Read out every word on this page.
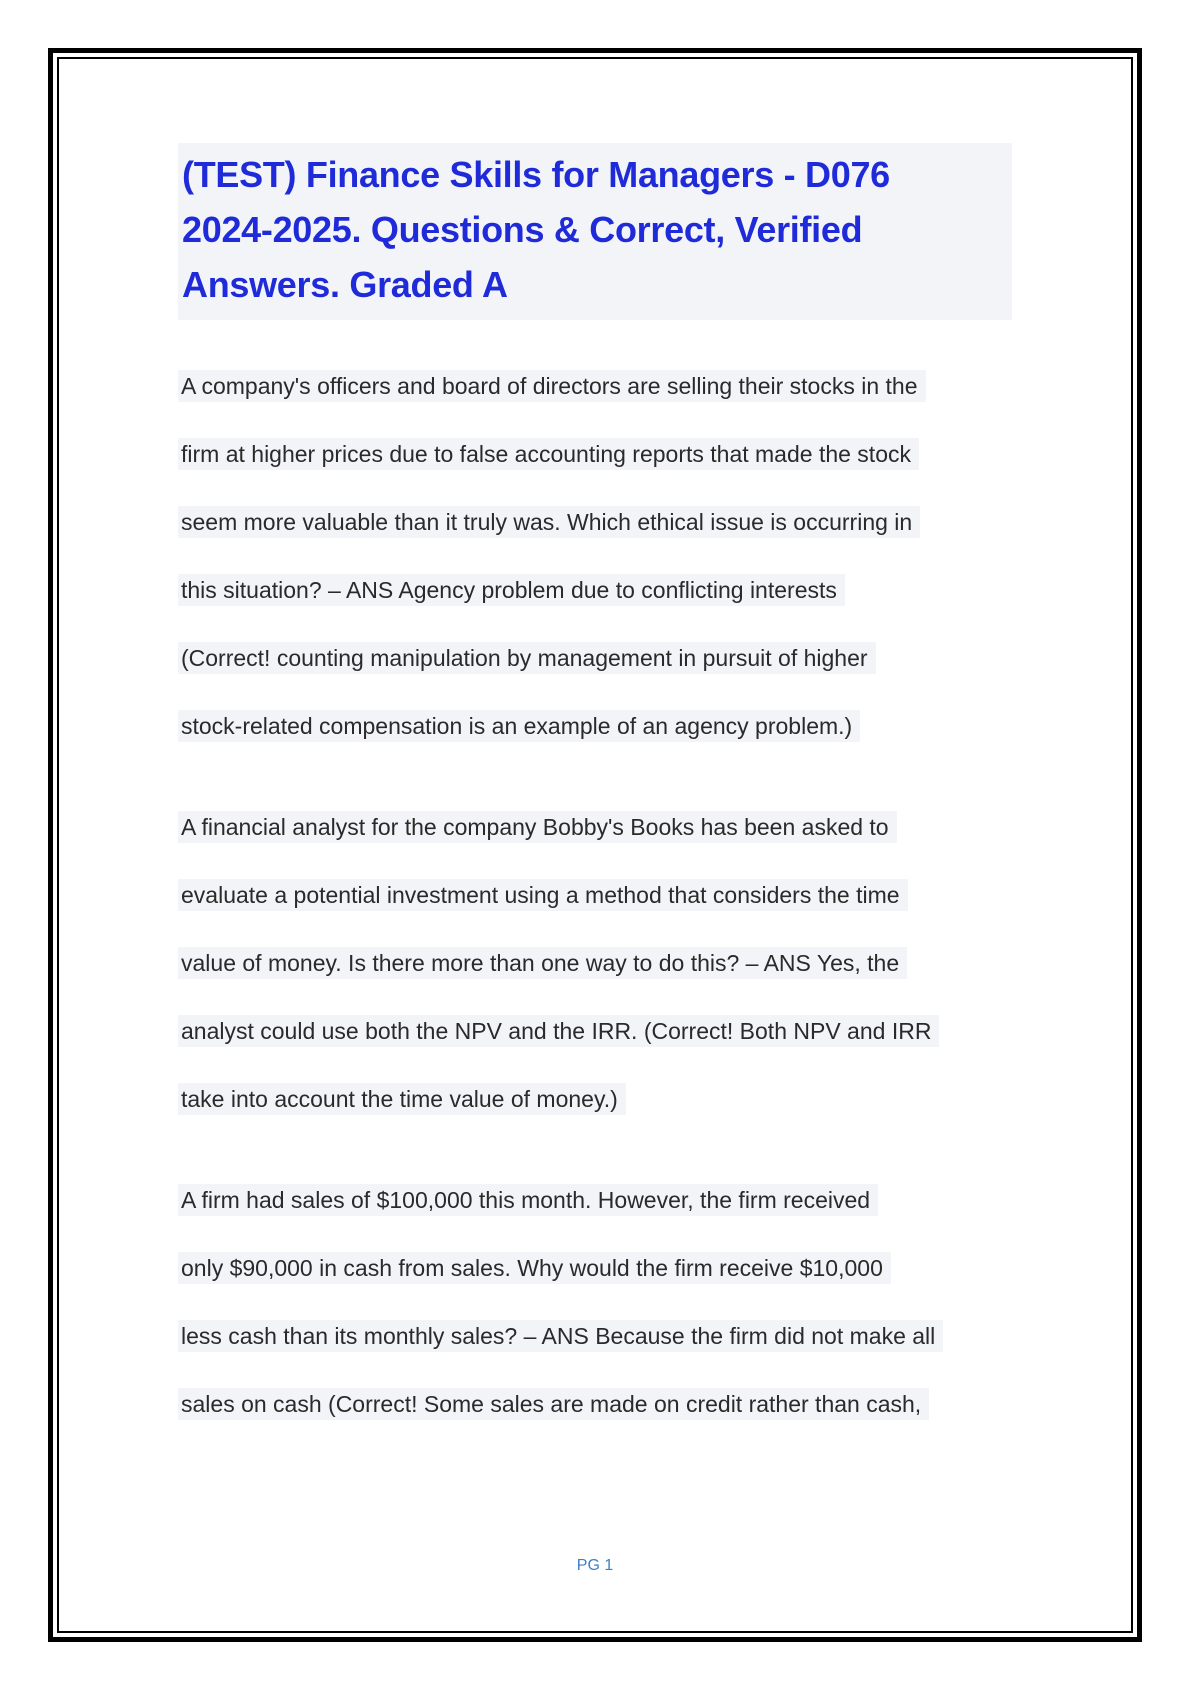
(TEST) Finance Skills for Managers - D076
2024-2025. Questions & Correct, Verified
Answers. Graded A
A company's officers and board of directors are selling their stocks in the
firm at higher prices due to false accounting reports that made the stock
seem more valuable than it truly was. Which ethical issue is occurring in
this situation? – ANS Agency problem due to conflicting interests
(Correct! counting manipulation by management in pursuit of higher
stock-related compensation is an example of an agency problem.)
A financial analyst for the company Bobby's Books has been asked to
evaluate a potential investment using a method that considers the time
value of money. Is there more than one way to do this? – ANS Yes, the
analyst could use both the NPV and the IRR. (Correct! Both NPV and IRR
take into account the time value of money.)
A firm had sales of $100,000 this month. However, the firm received
only $90,000 in cash from sales. Why would the firm receive $10,000
less cash than its monthly sales? – ANS Because the firm did not make all
sales on cash (Correct! Some sales are made on credit rather than cash,
PG 1
